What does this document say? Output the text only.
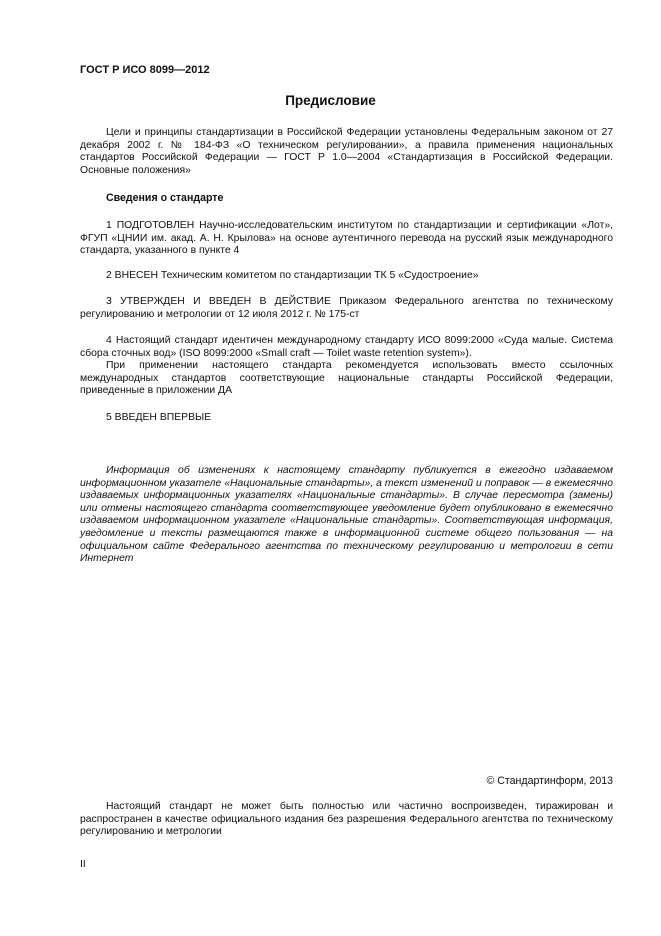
ГОСТ Р ИСО 8099—2012
Предисловие

Цели и принципы стандартизации в Российской Федерации установлены Федеральным законом от 27 декабря 2002 г. № 184-ФЗ «О техническом регулировании», а правила применения национальных стандартов Российской Федерации — ГОСТ Р 1.0—2004 «Стандартизация в Российской Федерации. Основные положения»

Сведения о стандарте

1 ПОДГОТОВЛЕН Научно-исследовательским институтом по стандартизации и сертификации «Лот», ФГУП «ЦНИИ им. акад. А. Н. Крылова» на основе аутентичного перевода на русский язык международного стандарта, указанного в пункте 4

2 ВНЕСЕН Техническим комитетом по стандартизации ТК 5 «Судостроение»

3 УТВЕРЖДЕН И ВВЕДЕН В ДЕЙСТВИЕ Приказом Федерального агентства по техническому регулированию и метрологии от 12 июля 2012 г. № 175-ст

4 Настоящий стандарт идентичен международному стандарту ИСО 8099:2000 «Суда малые. Система сбора сточных вод» (ISO 8099:2000 «Small craft — Toilet waste retention system»).

При применении настоящего стандарта рекомендуется использовать вместо ссылочных международных стандартов соответствующие национальные стандарты Российской Федерации, приведенные в приложении ДА

5 ВВЕДЕН ВПЕРВЫЕ

Информация об изменениях к настоящему стандарту публикуется в ежегодно издаваемом информационном указателе «Национальные стандарты», а текст изменений и поправок — в ежемесячно издаваемых информационных указателях «Национальные стандарты». В случае пересмотра (замены) или отмены настоящего стандарта соответствующее уведомление будет опубликовано в ежемесячно издаваемом информационном указателе «Национальные стандарты». Соответствующая информация, уведомление и тексты размещаются также в информационной системе общего пользования — на официальном сайте Федерального агентства по техническому регулированию и метрологии в сети Интернет

© Стандартинформ, 2013

Настоящий стандарт не может быть полностью или частично воспроизведен, тиражирован и распространен в качестве официального издания без разрешения Федерального агентства по техническому регулированию и метрологии

II
